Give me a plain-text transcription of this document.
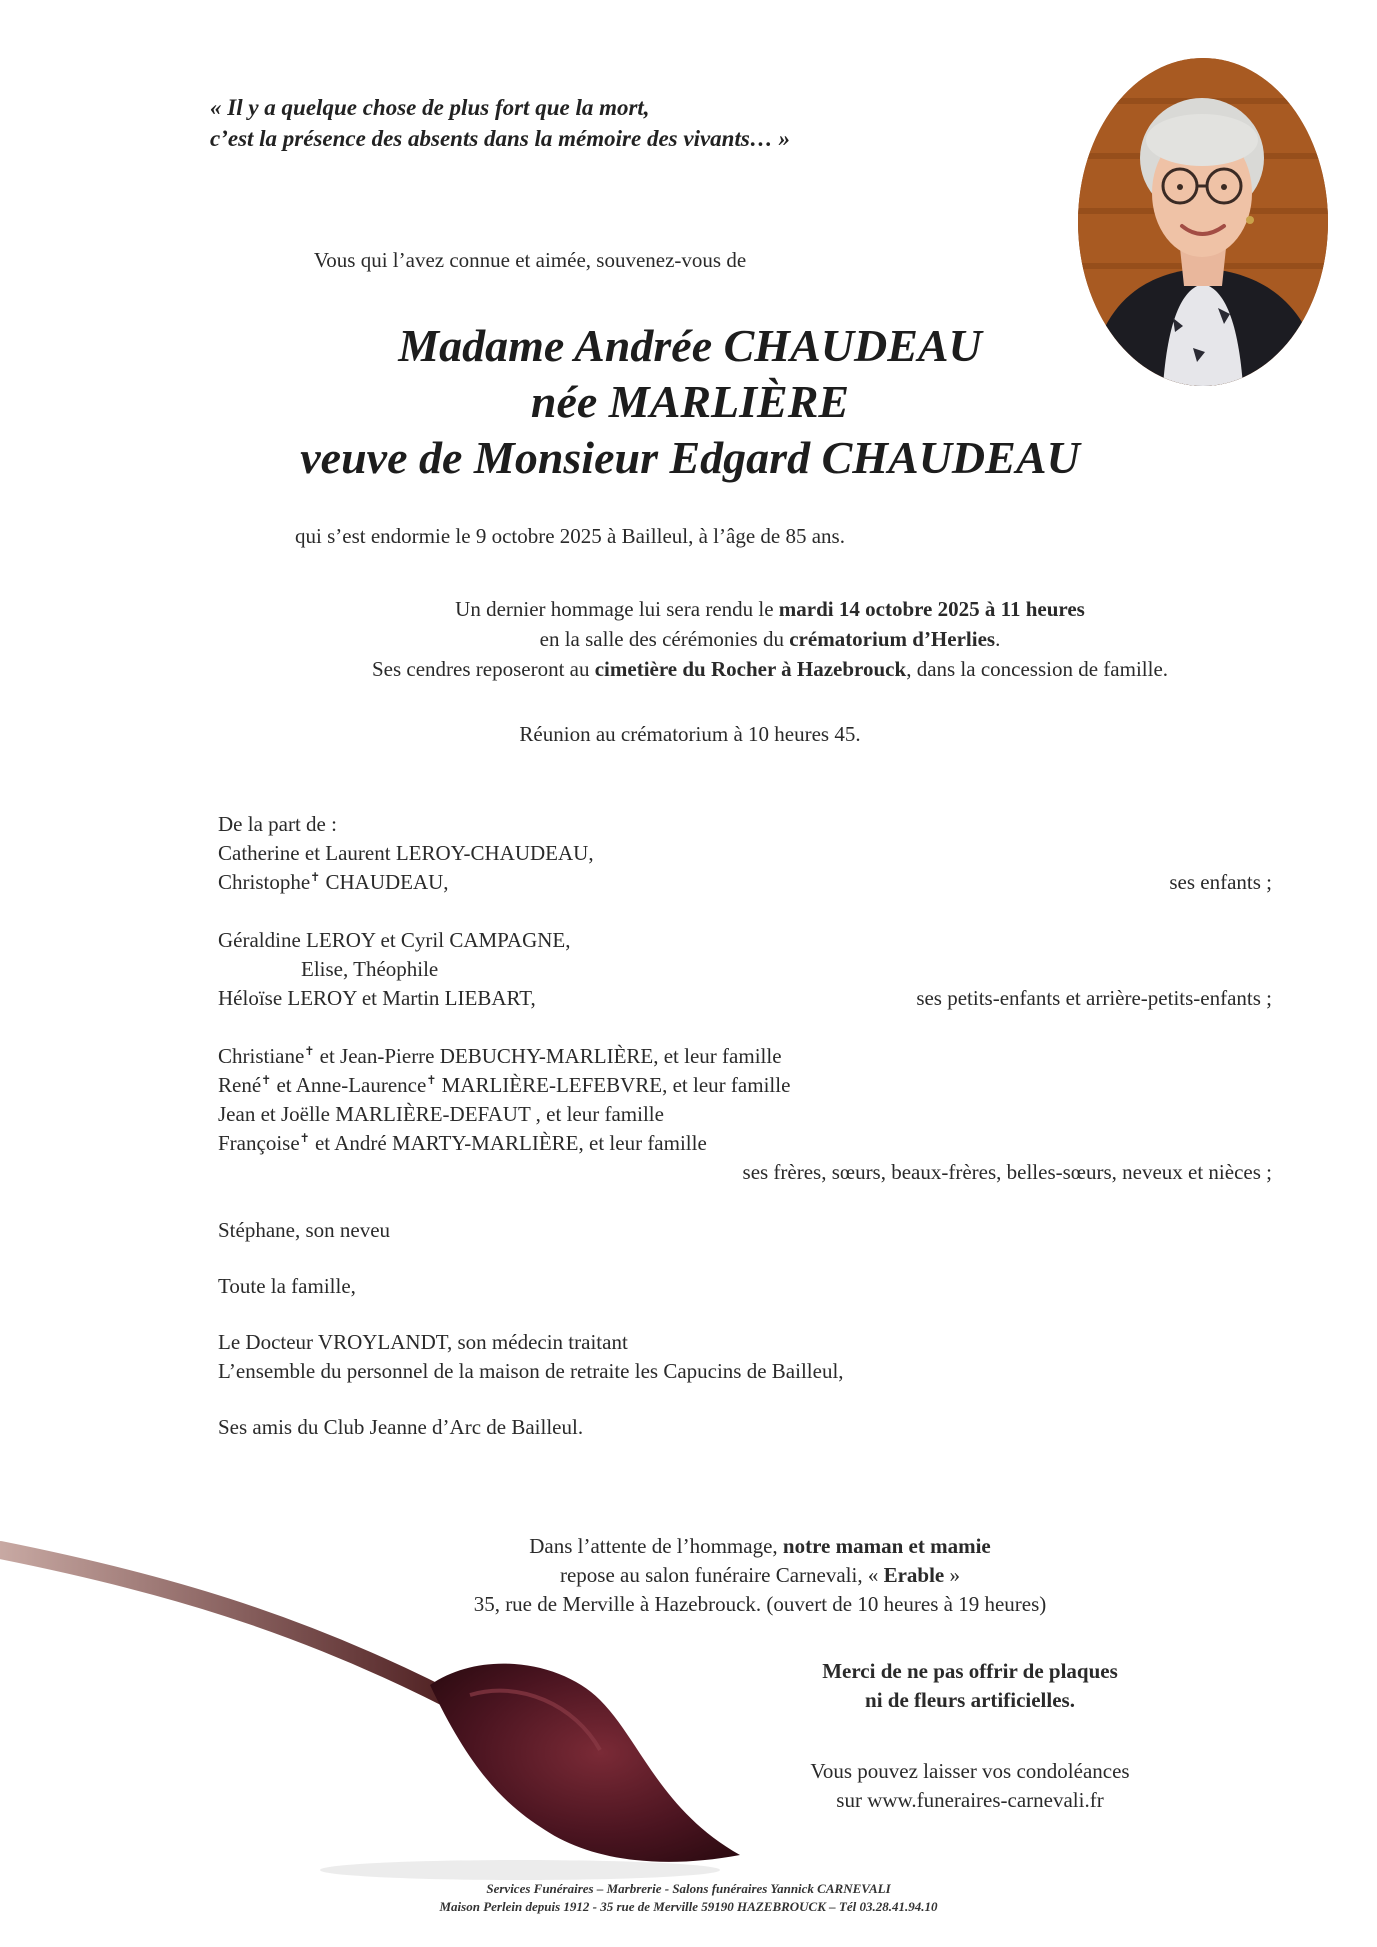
« Il y a quelque chose de plus fort que la mort,
c’est la présence des absents dans la mémoire des vivants… »
Vous qui l’avez connue et aimée, souvenez-vous de
Madame Andrée CHAUDEAU
née MARLIÈRE
veuve de Monsieur Edgard CHAUDEAU
qui s’est endormie le 9 octobre 2025 à Bailleul, à l’âge de 85 ans.
Un dernier hommage lui sera rendu le mardi 14 octobre 2025 à 11 heures
en la salle des cérémonies du crématorium d’Herlies.
Ses cendres reposeront au cimetière du Rocher à Hazebrouck, dans la concession de famille.
Réunion au crématorium à 10 heures 45.
De la part de :
Catherine et Laurent LEROY-CHAUDEAU,
Christophe✝ CHAUDEAU,	ses enfants ;
Géraldine LEROY et Cyril CAMPAGNE,
Elise, Théophile
Héloïse LEROY et Martin LIEBART,	ses petits-enfants et arrière-petits-enfants ;
Christiane✝ et Jean-Pierre DEBUCHY-MARLIÈRE, et leur famille
René✝ et Anne-Laurence✝ MARLIÈRE-LEFEBVRE, et leur famille
Jean et Joëlle MARLIÈRE-DEFAUT , et leur famille
Françoise✝ et André MARTY-MARLIÈRE, et leur famille
ses frères, sœurs, beaux-frères, belles-sœurs, neveux et nièces ;
Stéphane, son neveu
Toute la famille,
Le Docteur VROYLANDT, son médecin traitant
L’ensemble du personnel de la maison de retraite les Capucins de Bailleul,
Ses amis du Club Jeanne d’Arc de Bailleul.
Dans l’attente de l’hommage, notre maman et mamie
repose au salon funéraire Carnevali, « Erable »
35, rue de Merville à Hazebrouck. (ouvert de 10 heures à 19 heures)
Merci de ne pas offrir de plaques
ni de fleurs artificielles.
Vous pouvez laisser vos condoléances
sur www.funeraires-carnevali.fr
Services Funéraires – Marbrerie - Salons funéraires Yannick CARNEVALI
Maison Perlein depuis 1912 - 35 rue de Merville 59190 HAZEBROUCK – Tél 03.28.41.94.10
